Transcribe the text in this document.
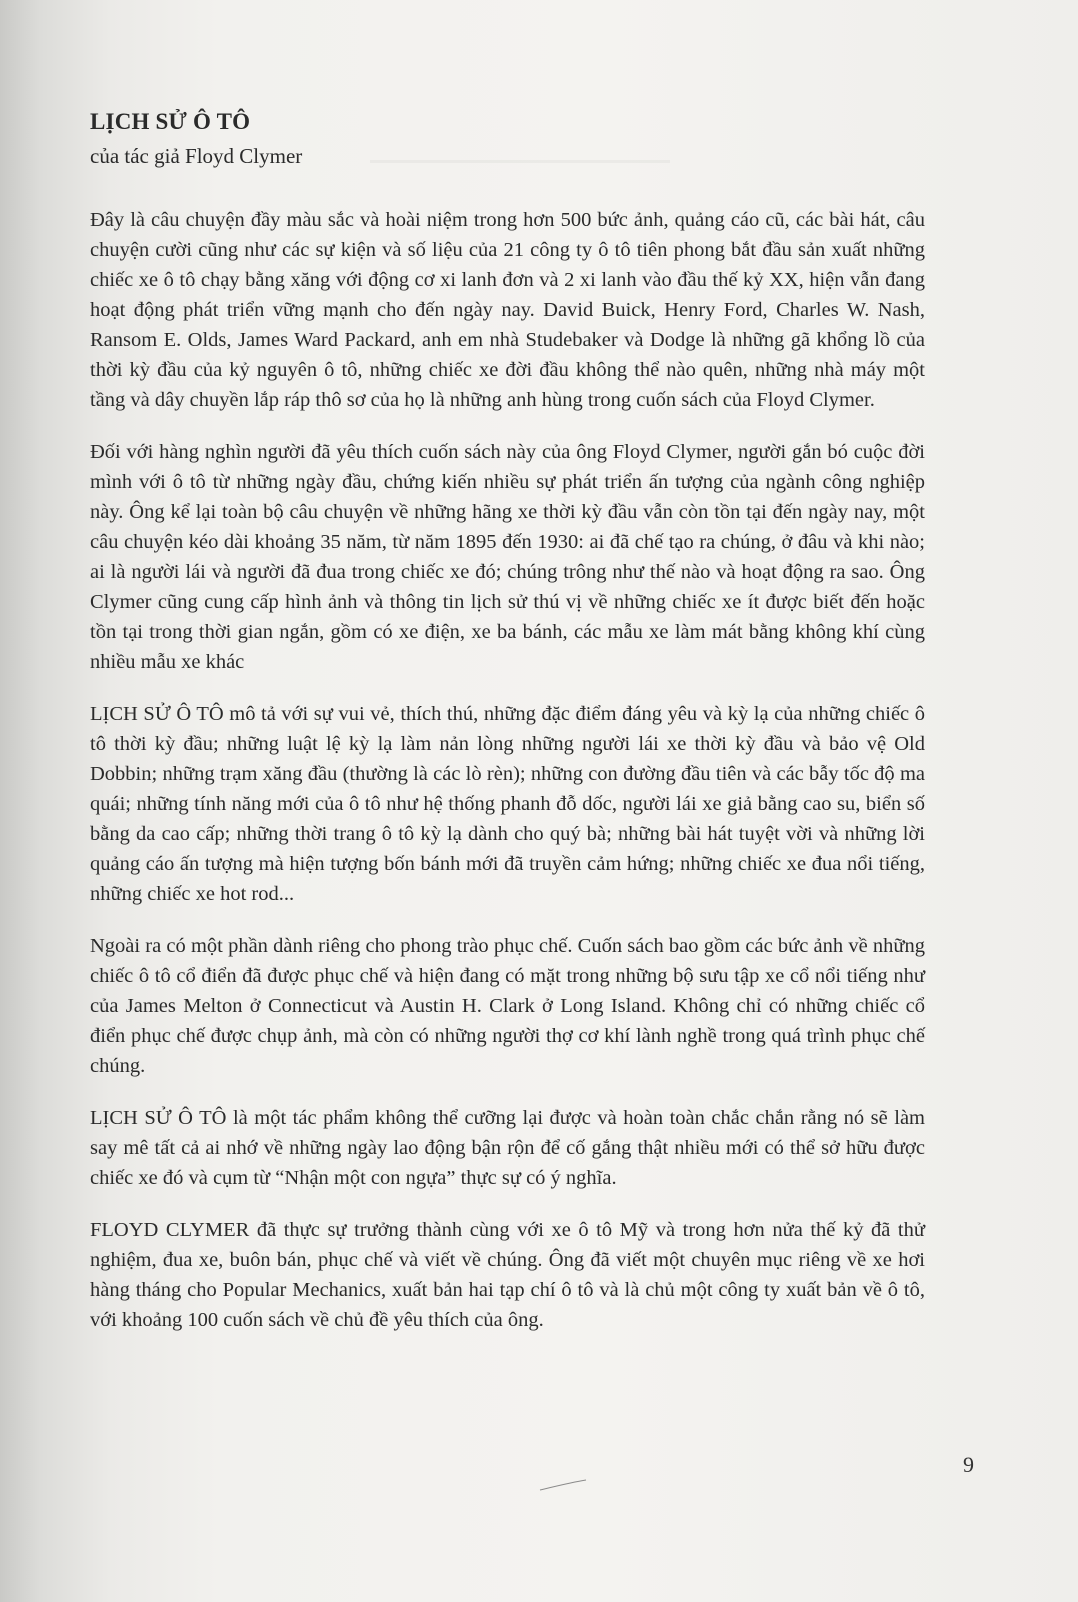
LỊCH SỬ Ô TÔ
của tác giả Floyd Clymer

Đây là câu chuyện đầy màu sắc và hoài niệm trong hơn 500 bức ảnh, quảng cáo cũ, các bài hát, câu chuyện cười cũng như các sự kiện và số liệu của 21 công ty ô tô tiên phong bắt đầu sản xuất những chiếc xe ô tô chạy bằng xăng với động cơ xi lanh đơn và 2 xi lanh vào đầu thế kỷ XX, hiện vẫn đang hoạt động phát triển vững mạnh cho đến ngày nay. David Buick, Henry Ford, Charles W. Nash, Ransom E. Olds, James Ward Packard, anh em nhà Studebaker và Dodge là những gã khổng lồ của thời kỳ đầu của kỷ nguyên ô tô, những chiếc xe đời đầu không thể nào quên, những nhà máy một tầng và dây chuyền lắp ráp thô sơ của họ là những anh hùng trong cuốn sách của Floyd Clymer.

Đối với hàng nghìn người đã yêu thích cuốn sách này của ông Floyd Clymer, người gắn bó cuộc đời mình với ô tô từ những ngày đầu, chứng kiến nhiều sự phát triển ấn tượng của ngành công nghiệp này. Ông kể lại toàn bộ câu chuyện về những hãng xe thời kỳ đầu vẫn còn tồn tại đến ngày nay, một câu chuyện kéo dài khoảng 35 năm, từ năm 1895 đến 1930: ai đã chế tạo ra chúng, ở đâu và khi nào; ai là người lái và người đã đua trong chiếc xe đó; chúng trông như thế nào và hoạt động ra sao. Ông Clymer cũng cung cấp hình ảnh và thông tin lịch sử thú vị về những chiếc xe ít được biết đến hoặc tồn tại trong thời gian ngắn, gồm có xe điện, xe ba bánh, các mẫu xe làm mát bằng không khí cùng nhiều mẫu xe khác

LỊCH SỬ Ô TÔ mô tả với sự vui vẻ, thích thú, những đặc điểm đáng yêu và kỳ lạ của những chiếc ô tô thời kỳ đầu; những luật lệ kỳ lạ làm nản lòng những người lái xe thời kỳ đầu và bảo vệ Old Dobbin; những trạm xăng đầu (thường là các lò rèn); những con đường đầu tiên và các bẫy tốc độ ma quái; những tính năng mới của ô tô như hệ thống phanh đỗ dốc, người lái xe giả bằng cao su, biển số bằng da cao cấp; những thời trang ô tô kỳ lạ dành cho quý bà; những bài hát tuyệt vời và những lời quảng cáo ấn tượng mà hiện tượng bốn bánh mới đã truyền cảm hứng; những chiếc xe đua nổi tiếng, những chiếc xe hot rod...

Ngoài ra có một phần dành riêng cho phong trào phục chế. Cuốn sách bao gồm các bức ảnh về những chiếc ô tô cổ điển đã được phục chế và hiện đang có mặt trong những bộ sưu tập xe cổ nổi tiếng như của James Melton ở Connecticut và Austin H. Clark ở Long Island. Không chỉ có những chiếc cổ điển phục chế được chụp ảnh, mà còn có những người thợ cơ khí lành nghề trong quá trình phục chế chúng.

LỊCH SỬ Ô TÔ là một tác phẩm không thể cưỡng lại được và hoàn toàn chắc chắn rằng nó sẽ làm say mê tất cả ai nhớ về những ngày lao động bận rộn để cố gắng thật nhiều mới có thể sở hữu được chiếc xe đó và cụm từ “Nhận một con ngựa” thực sự có ý nghĩa.

FLOYD CLYMER đã thực sự trưởng thành cùng với xe ô tô Mỹ và trong hơn nửa thế kỷ đã thử nghiệm, đua xe, buôn bán, phục chế và viết về chúng. Ông đã viết một chuyên mục riêng về xe hơi hàng tháng cho Popular Mechanics, xuất bản hai tạp chí ô tô và là chủ một công ty xuất bản về ô tô, với khoảng 100 cuốn sách về chủ đề yêu thích của ông.

9
